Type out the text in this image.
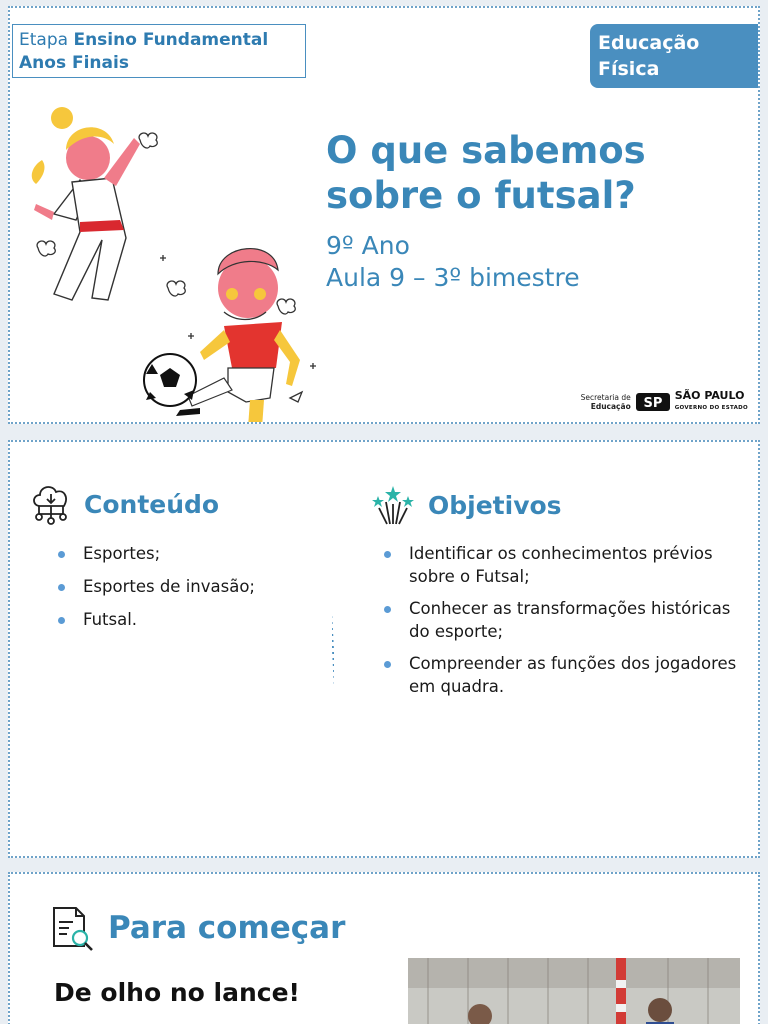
Etapa Ensino Fundamental
Anos Finais
Educação
Física
O que sabemos
sobre o futsal?
9º Ano
Aula 9 – 3º bimestre
Secretaria de
Educação SP
SÃO PAULO
GOVERNO DO ESTADO
Conteúdo
Esportes;
Esportes de invasão;
Futsal.
Objetivos
Identificar os conhecimentos prévios sobre o Futsal;
Conhecer as transformações históricas do esporte;
Compreender as funções dos jogadores em quadra.
Para começar
De olho no lance!
